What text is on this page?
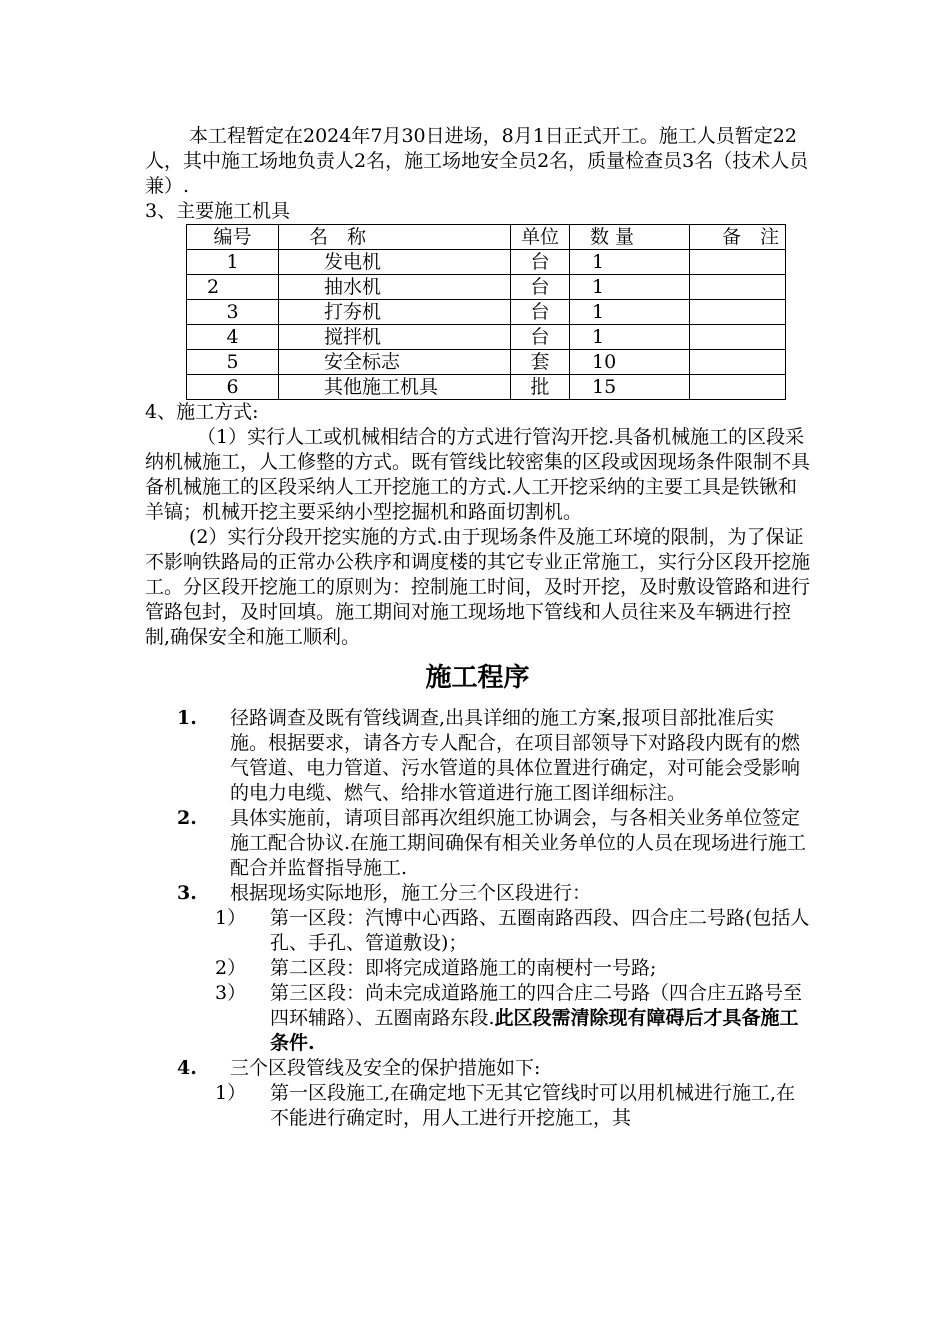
本工程暂定在2024年7月30日进场，8月1日正式开工。施工人员暂定22人，其中施工场地负责人2名，施工场地安全员2名，质量检查员3名（技术人员兼）.

3、主要施工机具

编号	名　称	单位	数 量	备　注
1	发电机	台	1	
2	抽水机	台	1	
3	打夯机	台	1	
4	搅拌机	台	1	
5	安全标志	套	10	
6	其他施工机具	批	15	

4、施工方式:

（1）实行人工或机械相结合的方式进行管沟开挖.具备机械施工的区段采纳机械施工，人工修整的方式。既有管线比较密集的区段或因现场条件限制不具备机械施工的区段采纳人工开挖施工的方式.人工开挖采纳的主要工具是铁锹和羊镐；机械开挖主要采纳小型挖掘机和路面切割机。

(2）实行分段开挖实施的方式.由于现场条件及施工环境的限制，为了保证不影响铁路局的正常办公秩序和调度楼的其它专业正常施工，实行分区段开挖施工。分区段开挖施工的原则为：控制施工时间，及时开挖，及时敷设管路和进行管路包封，及时回填。施工期间对施工现场地下管线和人员往来及车辆进行控制,确保安全和施工顺利。

施工程序
1.	径路调查及既有管线调查,出具详细的施工方案,报项目部批准后实施。根据要求，请各方专人配合，在项目部领导下对路段内既有的燃气管道、电力管道、污水管道的具体位置进行确定，对可能会受影响的电力电缆、燃气、给排水管道进行施工图详细标注。
2.	具体实施前，请项目部再次组织施工协调会，与各相关业务单位签定施工配合协议.在施工期间确保有相关业务单位的人员在现场进行施工配合并监督指导施工.
3.	根据现场实际地形，施工分三个区段进行：
1）	第一区段：汽博中心西路、五圈南路西段、四合庄二号路(包括人孔、手孔、管道敷设)；
2）	第二区段：即将完成道路施工的南梗村一号路;
3）	第三区段：尚未完成道路施工的四合庄二号路（四合庄五路号至四环辅路）、五圈南路东段.此区段需清除现有障碍后才具备施工条件.
4.	三个区段管线及安全的保护措施如下:
1）	第一区段施工,在确定地下无其它管线时可以用机械进行施工,在不能进行确定时，用人工进行开挖施工，其
